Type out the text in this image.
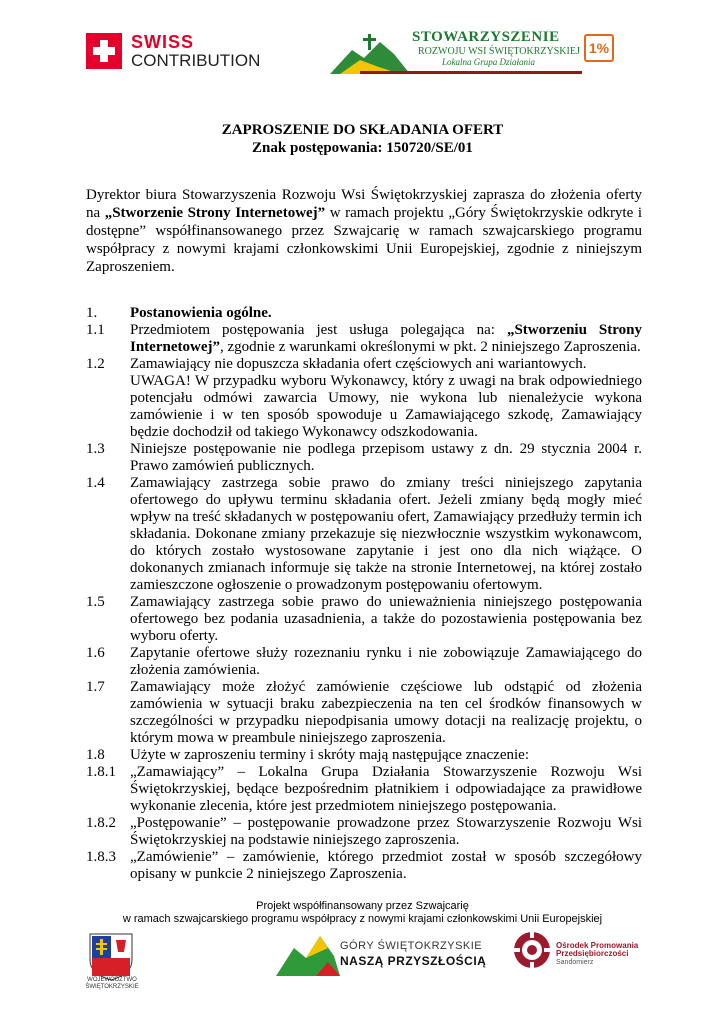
SWISS
CONTRIBUTION
STOWARZYSZENIE
ROZWOJU WSI ŚWIĘTOKRZYSKIEJ
Lokalna Grupa Działania
1%
ZAPROSZENIE DO SKŁADANIA OFERT
Znak postępowania: 150720/SE/01
Dyrektor biura Stowarzyszenia Rozwoju Wsi Świętokrzyskiej zaprasza do złożenia oferty na „Stworzenie Strony Internetowej” w ramach projektu „Góry Świętokrzyskie odkryte i dostępne” współfinansowanego przez Szwajcarię w ramach szwajcarskiego programu współpracy z nowymi krajami członkowskimi Unii Europejskiej, zgodnie z niniejszym Zaproszeniem.
1. Postanowienia ogólne.
1.1 Przedmiotem postępowania jest usługa polegająca na: „Stworzeniu Strony Internetowej”, zgodnie z warunkami określonymi w pkt. 2 niniejszego Zaproszenia.
1.2 Zamawiający nie dopuszcza składania ofert częściowych ani wariantowych.
UWAGA! W przypadku wyboru Wykonawcy, który z uwagi na brak odpowiedniego potencjału odmówi zawarcia Umowy, nie wykona lub nienależycie wykona zamówienie i w ten sposób spowoduje u Zamawiającego szkodę, Zamawiający będzie dochodził od takiego Wykonawcy odszkodowania.
1.3 Niniejsze postępowanie nie podlega przepisom ustawy z dn. 29 stycznia 2004 r. Prawo zamówień publicznych.
1.4 Zamawiający zastrzega sobie prawo do zmiany treści niniejszego zapytania ofertowego do upływu terminu składania ofert. Jeżeli zmiany będą mogły mieć wpływ na treść składanych w postępowaniu ofert, Zamawiający przedłuży termin ich składania. Dokonane zmiany przekazuje się niezwłocznie wszystkim wykonawcom, do których zostało wystosowane zapytanie i jest ono dla nich wiążące. O dokonanych zmianach informuje się także na stronie Internetowej, na której zostało zamieszczone ogłoszenie o prowadzonym postępowaniu ofertowym.
1.5 Zamawiający zastrzega sobie prawo do unieważnienia niniejszego postępowania ofertowego bez podania uzasadnienia, a także do pozostawienia postępowania bez wyboru oferty.
1.6 Zapytanie ofertowe służy rozeznaniu rynku i nie zobowiązuje Zamawiającego do złożenia zamówienia.
1.7 Zamawiający może złożyć zamówienie częściowe lub odstąpić od złożenia zamówienia w sytuacji braku zabezpieczenia na ten cel środków finansowych w szczególności w przypadku niepodpisania umowy dotacji na realizację projektu, o którym mowa w preambule niniejszego zaproszenia.
1.8 Użyte w zaproszeniu terminy i skróty mają następujące znaczenie:
1.8.1 „Zamawiający” – Lokalna Grupa Działania Stowarzyszenie Rozwoju Wsi Świętokrzyskiej, będące bezpośrednim płatnikiem i odpowiadające za prawidłowe wykonanie zlecenia, które jest przedmiotem niniejszego postępowania.
1.8.2 „Postępowanie” – postępowanie prowadzone przez Stowarzyszenie Rozwoju Wsi Świętokrzyskiej na podstawie niniejszego zaproszenia.
1.8.3 „Zamówienie” – zamówienie, którego przedmiot został w sposób szczegółowy opisany w punkcie 2 niniejszego Zaproszenia.
Projekt współfinansowany przez Szwajcarię
w ramach szwajcarskiego programu współpracy z nowymi krajami członkowskimi Unii Europejskiej
WOJEWÓDZTWO ŚWIĘTOKRZYSKIE
GÓRY ŚWIĘTOKRZYSKIE
NASZĄ PRZYSZŁOŚCIĄ
Ośrodek Promowania
Przedsiębiorczości
Sandomierz
